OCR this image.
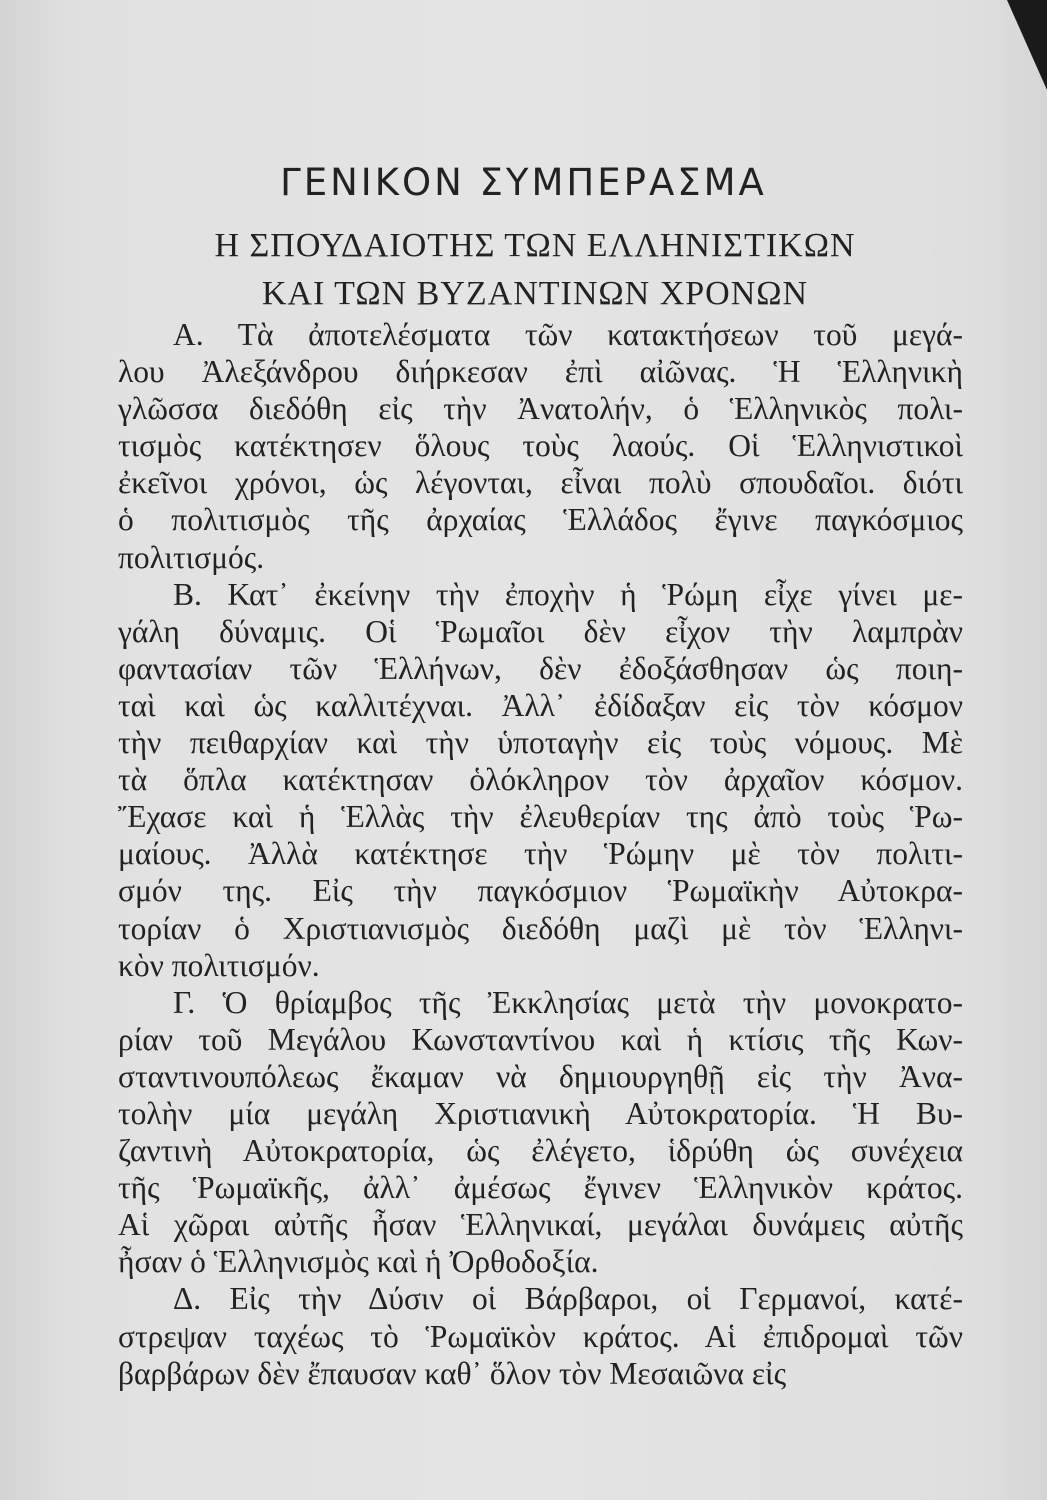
ΓΕΝΙΚΟΝ ΣΥΜΠΕΡΑΣΜΑ
Η ΣΠΟΥΔΑΙΟΤΗΣ ΤΩΝ ΕΛΛΗΝΙΣΤΙΚΩΝ
ΚΑΙ ΤΩΝ ΒΥΖΑΝΤΙΝΩΝ ΧΡΟΝΩΝ
Α. Τὰ ἀποτελέσματα τῶν κατακτήσεων τοῦ μεγά-
λου Ἀλεξάνδρου διήρκεσαν ἐπὶ αἰῶνας. Ἡ Ἑλληνικὴ
γλῶσσα διεδόθη εἰς τὴν Ἀνατολήν, ὁ Ἑλληνικὸς πολι-
τισμὸς κατέκτησεν ὅλους τοὺς λαούς. Οἱ Ἑλληνιστικοὶ
ἐκεῖνοι χρόνοι, ὡς λέγονται, εἶναι πολὺ σπουδαῖοι. διότι
ὁ πολιτισμὸς τῆς ἀρχαίας Ἑλλάδος ἔγινε παγκόσμιος
πολιτισμός.
Β. Κατ᾽ ἐκείνην τὴν ἐποχὴν ἡ Ῥώμη εἶχε γίνει με-
γάλη δύναμις. Οἱ Ῥωμαῖοι δὲν εἶχον τὴν λαμπρὰν
φαντασίαν τῶν Ἑλλήνων, δὲν ἐδοξάσθησαν ὡς ποιη-
ταὶ καὶ ὡς καλλιτέχναι. Ἀλλ᾽ ἐδίδαξαν εἰς τὸν κόσμον
τὴν πειθαρχίαν καὶ τὴν ὑποταγὴν εἰς τοὺς νόμους. Μὲ
τὰ ὅπλα κατέκτησαν ὁλόκληρον τὸν ἀρχαῖον κόσμον.
Ἔχασε καὶ ἡ Ἑλλὰς τὴν ἐλευθερίαν της ἀπὸ τοὺς Ῥω-
μαίους. Ἀλλὰ κατέκτησε τὴν Ῥώμην μὲ τὸν πολιτι-
σμόν της. Εἰς τὴν παγκόσμιον Ῥωμαϊκὴν Αὐτοκρα-
τορίαν ὁ Χριστιανισμὸς διεδόθη μαζὶ μὲ τὸν Ἑλληνι-
κὸν πολιτισμόν.
Γ. Ὁ θρίαμβος τῆς Ἐκκλησίας μετὰ τὴν μονοκρατο-
ρίαν τοῦ Μεγάλου Κωνσταντίνου καὶ ἡ κτίσις τῆς Κων-
σταντινουπόλεως ἔκαμαν νὰ δημιουργηθῇ εἰς τὴν Ἀνα-
τολὴν μία μεγάλη Χριστιανικὴ Αὐτοκρατορία. Ἡ Βυ-
ζαντινὴ Αὐτοκρατορία, ὡς ἐλέγετο, ἱδρύθη ὡς συνέχεια
τῆς Ῥωμαϊκῆς, ἀλλ᾽ ἀμέσως ἔγινεν Ἑλληνικὸν κράτος.
Αἱ χῶραι αὐτῆς ἦσαν Ἑλληνικαί, μεγάλαι δυνάμεις αὐτῆς
ἦσαν ὁ Ἑλληνισμὸς καὶ ἡ Ὀρθοδοξία.
Δ. Εἰς τὴν Δύσιν οἱ Βάρβαροι, οἱ Γερμανοί, κατέ-
στρεψαν ταχέως τὸ Ῥωμαϊκὸν κράτος. Αἱ ἐπιδρομαὶ τῶν
βαρβάρων δὲν ἔπαυσαν καθ᾽ ὅλον τὸν Μεσαιῶνα εἰς
